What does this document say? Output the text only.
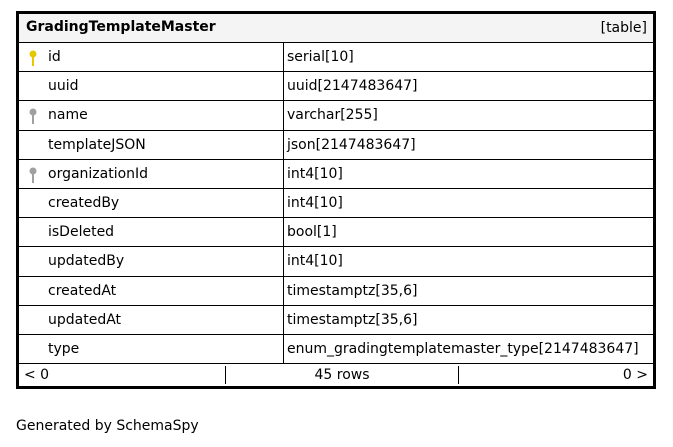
GradingTemplateMaster	[table]
id	serial[10]
uuid	uuid[2147483647]
name	varchar[255]
templateJSON	json[2147483647]
organizationId	int4[10]
createdBy	int4[10]
isDeleted	bool[1]
updatedBy	int4[10]
createdAt	timestamptz[35,6]
updatedAt	timestamptz[35,6]
type	enum_gradingtemplatemaster_type[2147483647]
< 0	45 rows	0 >
Generated by SchemaSpy
